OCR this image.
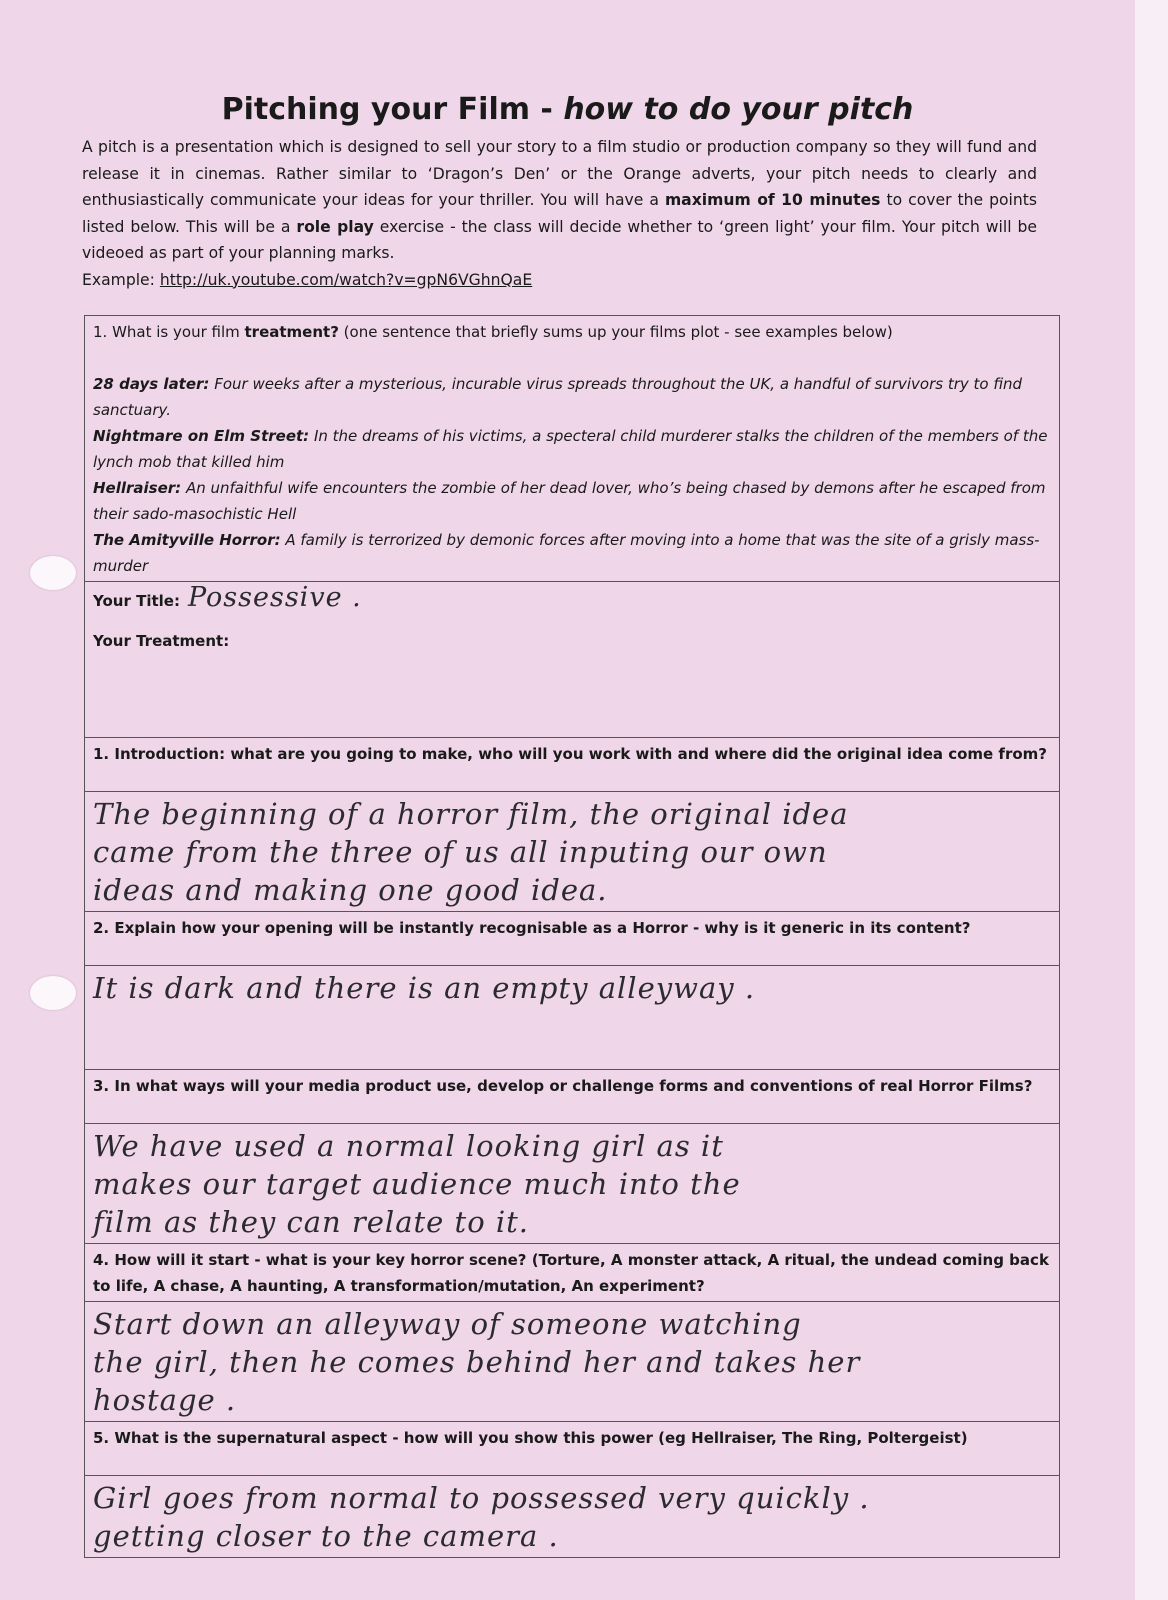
Pitching your Film - how to do your pitch

A pitch is a presentation which is designed to sell your story to a film studio or production company so they will fund and release it in cinemas. Rather similar to ‘Dragon’s Den’ or the Orange adverts, your pitch needs to clearly and enthusiastically communicate your ideas for your thriller. You will have a maximum of 10 minutes to cover the points listed below. This will be a role play exercise - the class will decide whether to ‘green light’ your film. Your pitch will be videoed as part of your planning marks.

Example: http://uk.youtube.com/watch?v=gpN6VGhnQaE

1. What is your film treatment? (one sentence that briefly sums up your films plot - see examples below)
28 days later: Four weeks after a mysterious, incurable virus spreads throughout the UK, a handful of survivors try to find sanctuary.
Nightmare on Elm Street: In the dreams of his victims, a specteral child murderer stalks the children of the members of the lynch mob that killed him
Hellraiser: An unfaithful wife encounters the zombie of her dead lover, who’s being chased by demons after he escaped from their sado-masochistic Hell
The Amityville Horror: A family is terrorized by demonic forces after moving into a home that was the site of a grisly mass-murder

Your Title: Possessive .
Your Treatment:

1. Introduction: what are you going to make, who will you work with and where did the original idea come from?

The beginning of a horror film, the original idea
came from the three of us all inputing our own
ideas and making one good idea.

2. Explain how your opening will be instantly recognisable as a Horror - why is it generic in its content?

It is dark and there is an empty alleyway .

3. In what ways will your media product use, develop or challenge forms and conventions of real Horror Films?

We have used a normal looking girl as it
makes our target audience much into the
film as they can relate to it.

4. How will it start - what is your key horror scene? (Torture, A monster attack, A ritual, the undead coming back to life, A chase, A haunting, A transformation/mutation, An experiment?

Start down an alleyway of someone watching
the girl, then he comes behind her and takes her
hostage .

5. What is the supernatural aspect - how will you show this power (eg Hellraiser, The Ring, Poltergeist)

Girl goes from normal to possessed very quickly .
getting closer to the camera .
